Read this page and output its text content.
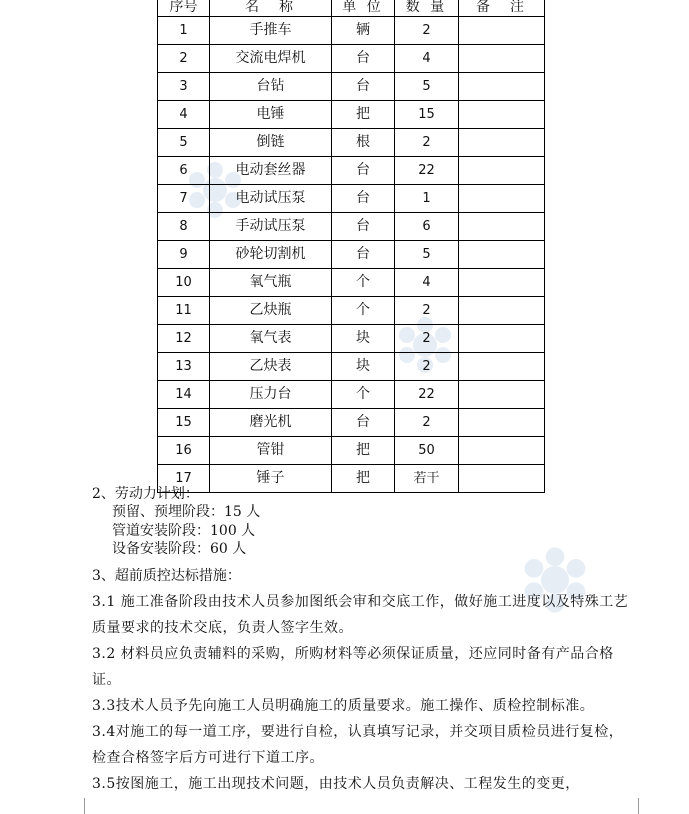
序号	名　称	单 位	数 量	备　注
1	手推车	辆	2	
2	交流电焊机	台	4	
3	台钻	台	5	
4	电锤	把	15	
5	倒链	根	2	
6	电动套丝器	台	22	
7	电动试压泵	台	1	
8	手动试压泵	台	6	
9	砂轮切割机	台	5	
10	氧气瓶	个	4	
11	乙炔瓶	个	2	
12	氧气表	块	2	
13	乙炔表	块	2	
14	压力台	个	22	
15	磨光机	台	2	
16	管钳	把	50	
17	锤子	把	若干	
2、劳动力计划：
预留、预埋阶段：15 人
管道安装阶段：100 人
设备安装阶段：60 人
3、超前质控达标措施：
3.1 施工准备阶段由技术人员参加图纸会审和交底工作，做好施工进度以及特殊工艺质量要求的技术交底，负责人签字生效。
3.2 材料员应负责辅料的采购，所购材料等必须保证质量，还应同时备有产品合格证。
3.3技术人员予先向施工人员明确施工的质量要求。施工操作、质检控制标准。
3.4对施工的每一道工序，要进行自检，认真填写记录，并交项目质检员进行复检，检查合格签字后方可进行下道工序。
3.5按图施工，施工出现技术问题，由技术人员负责解决、工程发生的变更，
